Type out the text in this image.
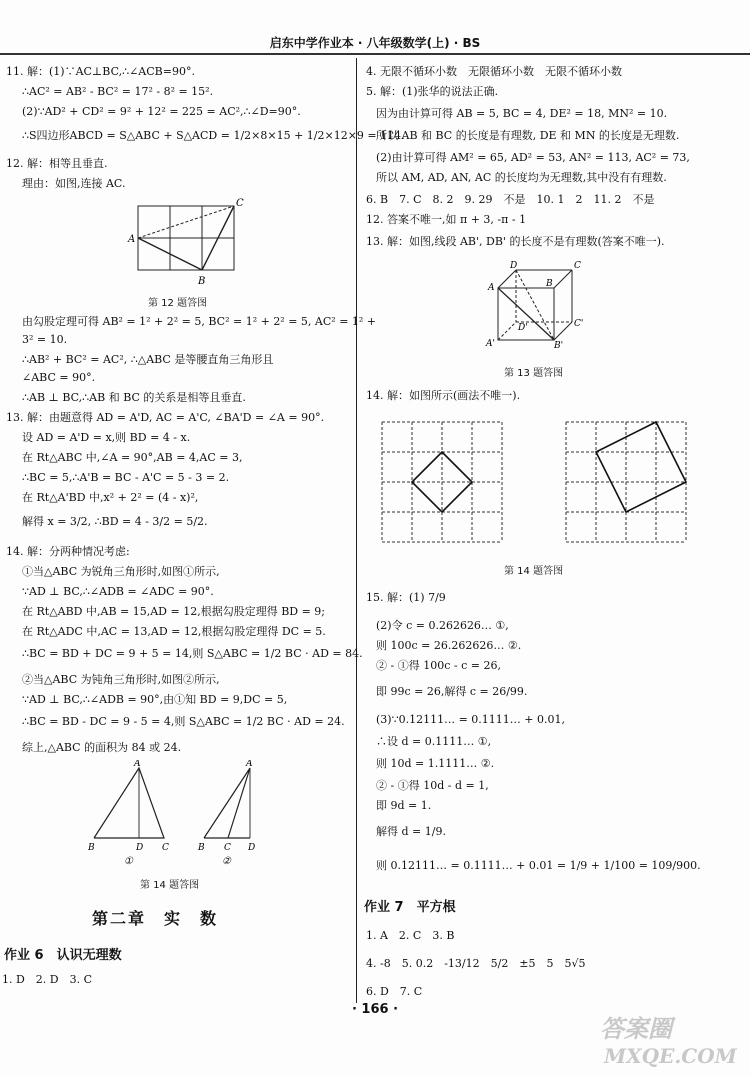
启东中学作业本 · 八年级数学(上) · BS
11. 解：(1)∵AC⊥BC,∴∠ACB=90°.
∴AC² = AB² - BC² = 17² - 8² = 15².
(2)∵AD² + CD² = 9² + 12² = 225 = AC²,∴∠D=90°.
∴S四边形ABCD = S△ABC + S△ACD = 1/2×8×15 + 1/2×12×9 = 114.
12. 解：相等且垂直.
理由：如图,连接 AC.
A
C
B
第 12 题答图
由勾股定理可得 AB² = 1² + 2² = 5, BC² = 1² + 2² = 5, AC² = 1² +
3² = 10.
∴AB² + BC² = AC², ∴△ABC 是等腰直角三角形且
∠ABC = 90°.
∴AB ⊥ BC,∴AB 和 BC 的关系是相等且垂直.
13. 解：由题意得 AD = A'D, AC = A'C, ∠BA'D = ∠A = 90°.
设 AD = A'D = x,则 BD = 4 - x.
在 Rt△ABC 中,∠A = 90°,AB = 4,AC = 3,
∴BC = 5,∴A'B = BC - A'C = 5 - 3 = 2.
在 Rt△A'BD 中,x² + 2² = (4 - x)²,
解得 x = 3/2, ∴BD = 4 - 3/2 = 5/2.
14. 解：分两种情况考虑:
①当△ABC 为锐角三角形时,如图①所示,
∵AD ⊥ BC,∴∠ADB = ∠ADC = 90°.
在 Rt△ABD 中,AB = 15,AD = 12,根据勾股定理得 BD = 9;
在 Rt△ADC 中,AC = 13,AD = 12,根据勾股定理得 DC = 5.
∴BC = BD + DC = 9 + 5 = 14,则 S△ABC = 1/2 BC · AD = 84.
②当△ABC 为钝角三角形时,如图②所示,
∵AD ⊥ BC,∴∠ADB = 90°,由①知 BD = 9,DC = 5,
∴BC = BD - DC = 9 - 5 = 4,则 S△ABC = 1/2 BC · AD = 24.
综上,△ABC 的面积为 84 或 24.
A
B	D C
A
B C D
①	②
第 14 题答图
第二章　实　数
作业 6　认识无理数
1. D　2. D　3. C
4. 无限不循环小数　无限循环小数　无限不循环小数
5. 解：(1)张华的说法正确.
因为由计算可得 AB = 5, BC = 4, DE² = 18, MN² = 10.
所以 AB 和 BC 的长度是有理数, DE 和 MN 的长度是无理数.
(2)由计算可得 AM² = 65, AD² = 53, AN² = 113, AC² = 73,
所以 AM, AD, AN, AC 的长度均为无理数,其中没有有理数.
6. B　7. C　8. 2　9. 29　不是　10. 1　2　11. 2　不是
12. 答案不唯一,如 π + 3, -π - 1
13. 解：如图,线段 AB', DB' 的长度不是有理数(答案不唯一).
D	C
A	B
D'	C'
A'	B'
第 13 题答图
14. 解：如图所示(画法不唯一).
第 14 题答图
15. 解：(1) 7/9
(2)令 c = 0.262626… ①,
则 100c = 26.262626… ②.
② - ①得 100c - c = 26,
即 99c = 26,解得 c = 26/99.
(3)∵0.12111… = 0.1111… + 0.01,
∴设 d = 0.1111… ①,
则 10d = 1.1111… ②.
② - ①得 10d - d = 1,
即 9d = 1.
解得 d = 1/9.
则 0.12111… = 0.1111… + 0.01 = 1/9 + 1/100 = 109/900.
作业 7　平方根
1. A　2. C　3. B
4. -8　5. 0.2　-13/12　5/2　±5　5　5√5
6. D　7. C
· 166 ·
答案圈
MXQE.COM
